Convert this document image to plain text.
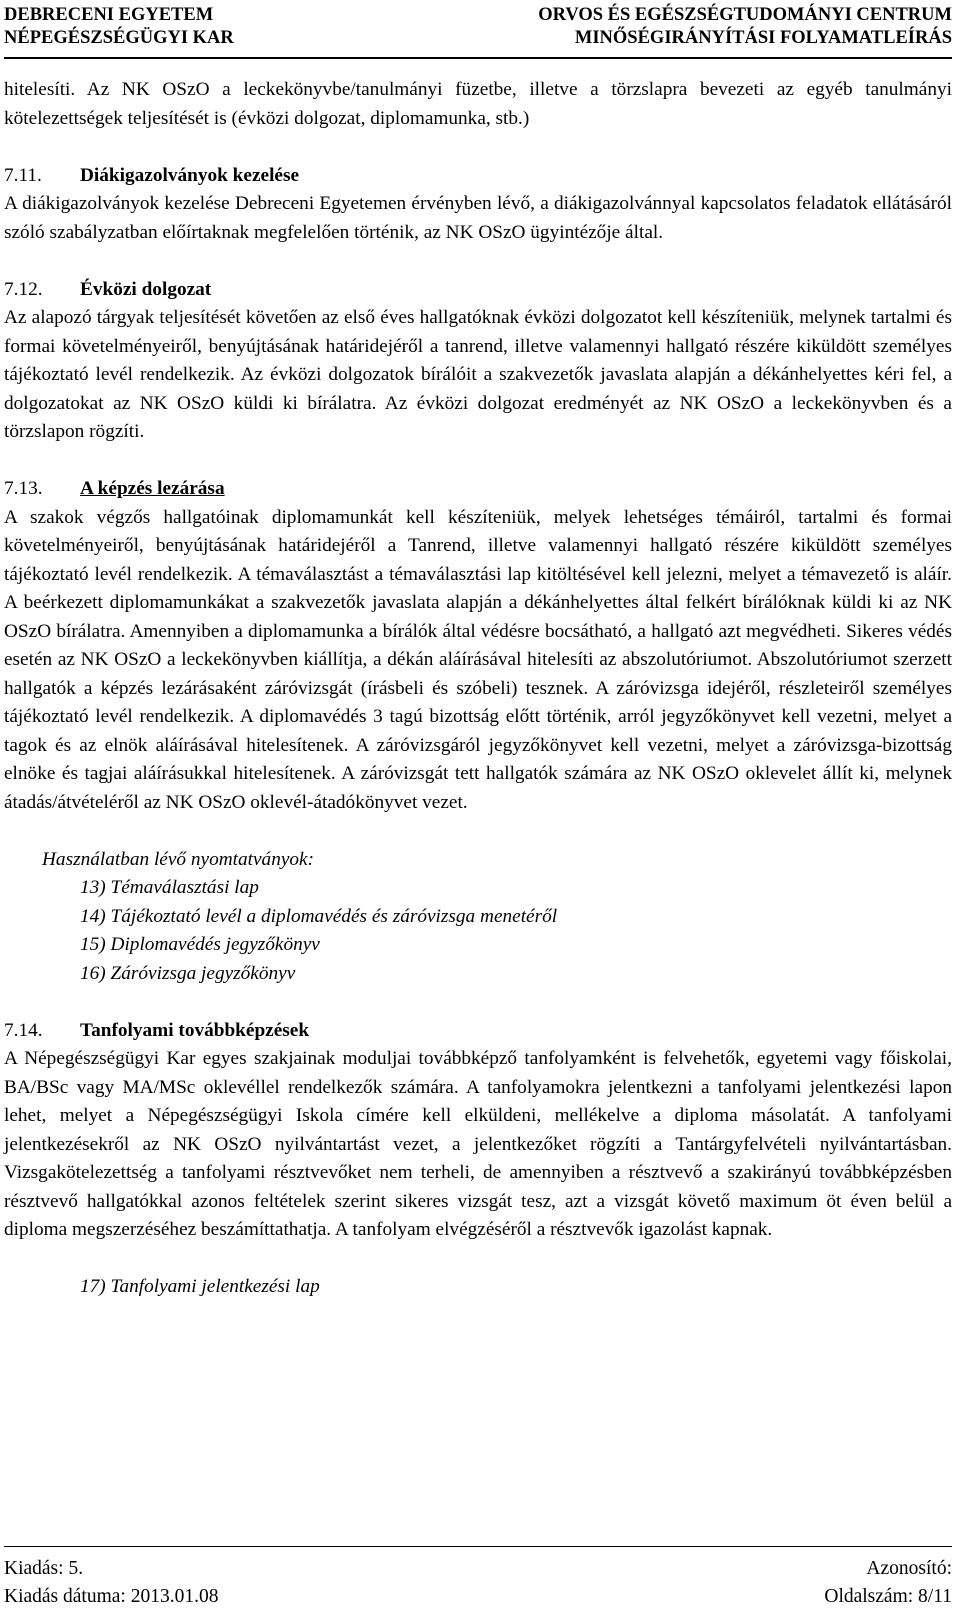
DEBRECENI EGYETEM
NÉPEGÉSZSÉGÜGYI KAR
ORVOS ÉS EGÉSZSÉGTUDOMÁNYI CENTRUM
MINŐSÉGIRÁNYÍTÁSI FOLYAMATLEÍRÁS

hitelesíti. Az NK OSzO a leckekönyvbe/tanulmányi füzetbe, illetve a törzslapra bevezeti az egyéb tanulmányi kötelezettségek teljesítését is (évközi dolgozat, diplomamunka, stb.)

7.11. Diákigazolványok kezelése

A diákigazolványok kezelése Debreceni Egyetemen érvényben lévő, a diákigazolvánnyal kapcsolatos feladatok ellátásáról szóló szabályzatban előírtaknak megfelelően történik, az NK OSzO ügyintézője által.

7.12. Évközi dolgozat

Az alapozó tárgyak teljesítését követően az első éves hallgatóknak évközi dolgozatot kell készíteniük, melynek tartalmi és formai követelményeiről, benyújtásának határidejéről a tanrend, illetve valamennyi hallgató részére kiküldött személyes tájékoztató levél rendelkezik. Az évközi dolgozatok bírálóit a szakvezetők javaslata alapján a dékánhelyettes kéri fel, a dolgozatokat az NK OSzO küldi ki bírálatra. Az évközi dolgozat eredményét az NK OSzO a leckekönyvben és a törzslapon rögzíti.

7.13. A képzés lezárása

A szakok végzős hallgatóinak diplomamunkát kell készíteniük, melyek lehetséges témáiról, tartalmi és formai követelményeiről, benyújtásának határidejéről a Tanrend, illetve valamennyi hallgató részére kiküldött személyes tájékoztató levél rendelkezik. A témaválasztást a témaválasztási lap kitöltésével kell jelezni, melyet a témavezető is aláír. A beérkezett diplomamunkákat a szakvezetők javaslata alapján a dékánhelyettes által felkért bírálóknak küldi ki az NK OSzO bírálatra. Amennyiben a diplomamunka a bírálók által védésre bocsátható, a hallgató azt megvédheti. Sikeres védés esetén az NK OSzO a leckekönyvben kiállítja, a dékán aláírásával hitelesíti az abszolutóriumot. Abszolutóriumot szerzett hallgatók a képzés lezárásaként záróvizsgát (írásbeli és szóbeli) tesznek. A záróvizsga idejéről, részleteiről személyes tájékoztató levél rendelkezik. A diplomavédés 3 tagú bizottság előtt történik, arról jegyzőkönyvet kell vezetni, melyet a tagok és az elnök aláírásával hitelesítenek. A záróvizsgáról jegyzőkönyvet kell vezetni, melyet a záróvizsga-bizottság elnöke és tagjai aláírásukkal hitelesítenek. A záróvizsgát tett hallgatók számára az NK OSzO oklevelet állít ki, melynek átadás/átvételéről az NK OSzO oklevél-átadókönyvet vezet.

Használatban lévő nyomtatványok:
13) Témaválasztási lap
14) Tájékoztató levél a diplomavédés és záróvizsga menetéről
15) Diplomavédés jegyzőkönyv
16) Záróvizsga jegyzőkönyv
7.14. Tanfolyami továbbképzések

A Népegészségügyi Kar egyes szakjainak moduljai továbbképző tanfolyamként is felvehetők, egyetemi vagy főiskolai, BA/BSc vagy MA/MSc oklevéllel rendelkezők számára. A tanfolyamokra jelentkezni a tanfolyami jelentkezési lapon lehet, melyet a Népegészségügyi Iskola címére kell elküldeni, mellékelve a diploma másolatát. A tanfolyami jelentkezésekről az NK OSzO nyilvántartást vezet, a jelentkezőket rögzíti a Tantárgyfelvételi nyilvántartásban. Vizsgakötelezettség a tanfolyami résztvevőket nem terheli, de amennyiben a résztvevő a szakirányú továbbképzésben résztvevő hallgatókkal azonos feltételek szerint sikeres vizsgát tesz, azt a vizsgát követő maximum öt éven belül a diploma megszerzéséhez beszámíttathatja. A tanfolyam elvégzéséről a résztvevők igazolást kapnak.

17) Tanfolyami jelentkezési lap
Kiadás: 5.	Azonosító:
Kiadás dátuma: 2013.01.08	Oldalszám: 8/11
